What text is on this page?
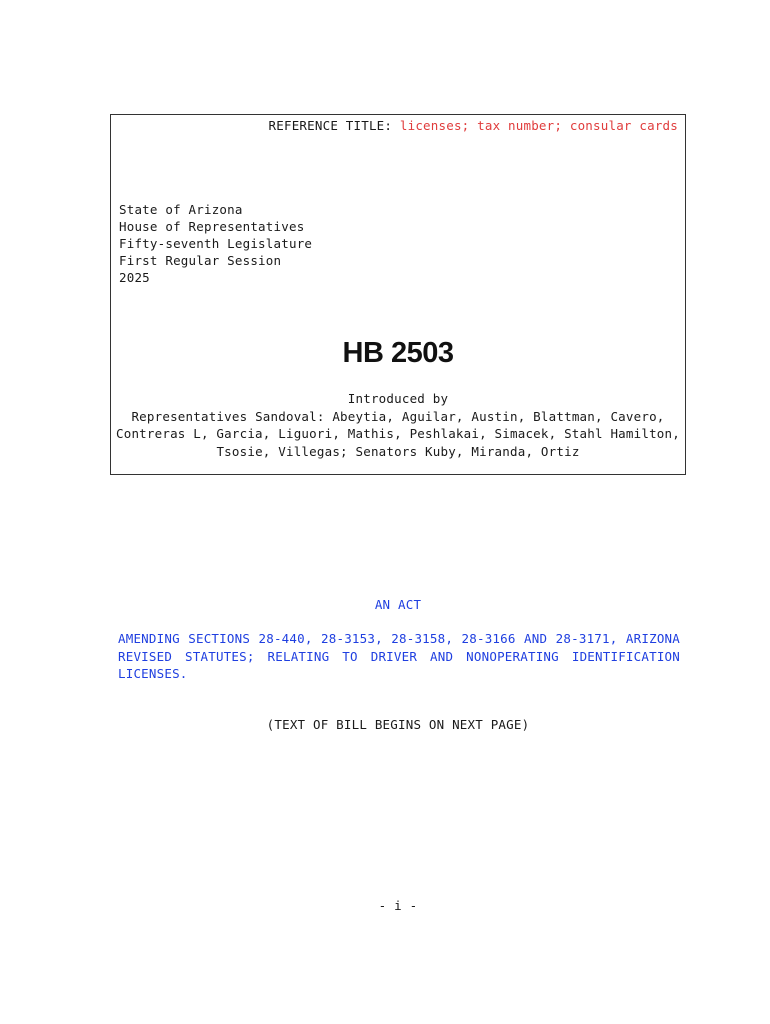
REFERENCE TITLE: licenses; tax number; consular cards
State of Arizona
House of Representatives
Fifty-seventh Legislature
First Regular Session
2025
HB 2503
Introduced by
Representatives Sandoval: Abeytia, Aguilar, Austin, Blattman, Cavero,
Contreras L, Garcia, Liguori, Mathis, Peshlakai, Simacek, Stahl Hamilton,
Tsosie, Villegas; Senators Kuby, Miranda, Ortiz
AN ACT
AMENDING SECTIONS 28-440, 28-3153, 28-3158, 28-3166 AND 28-3171, ARIZONA
REVISED STATUTES; RELATING TO DRIVER AND NONOPERATING IDENTIFICATION
LICENSES.
(TEXT OF BILL BEGINS ON NEXT PAGE)
- i -
